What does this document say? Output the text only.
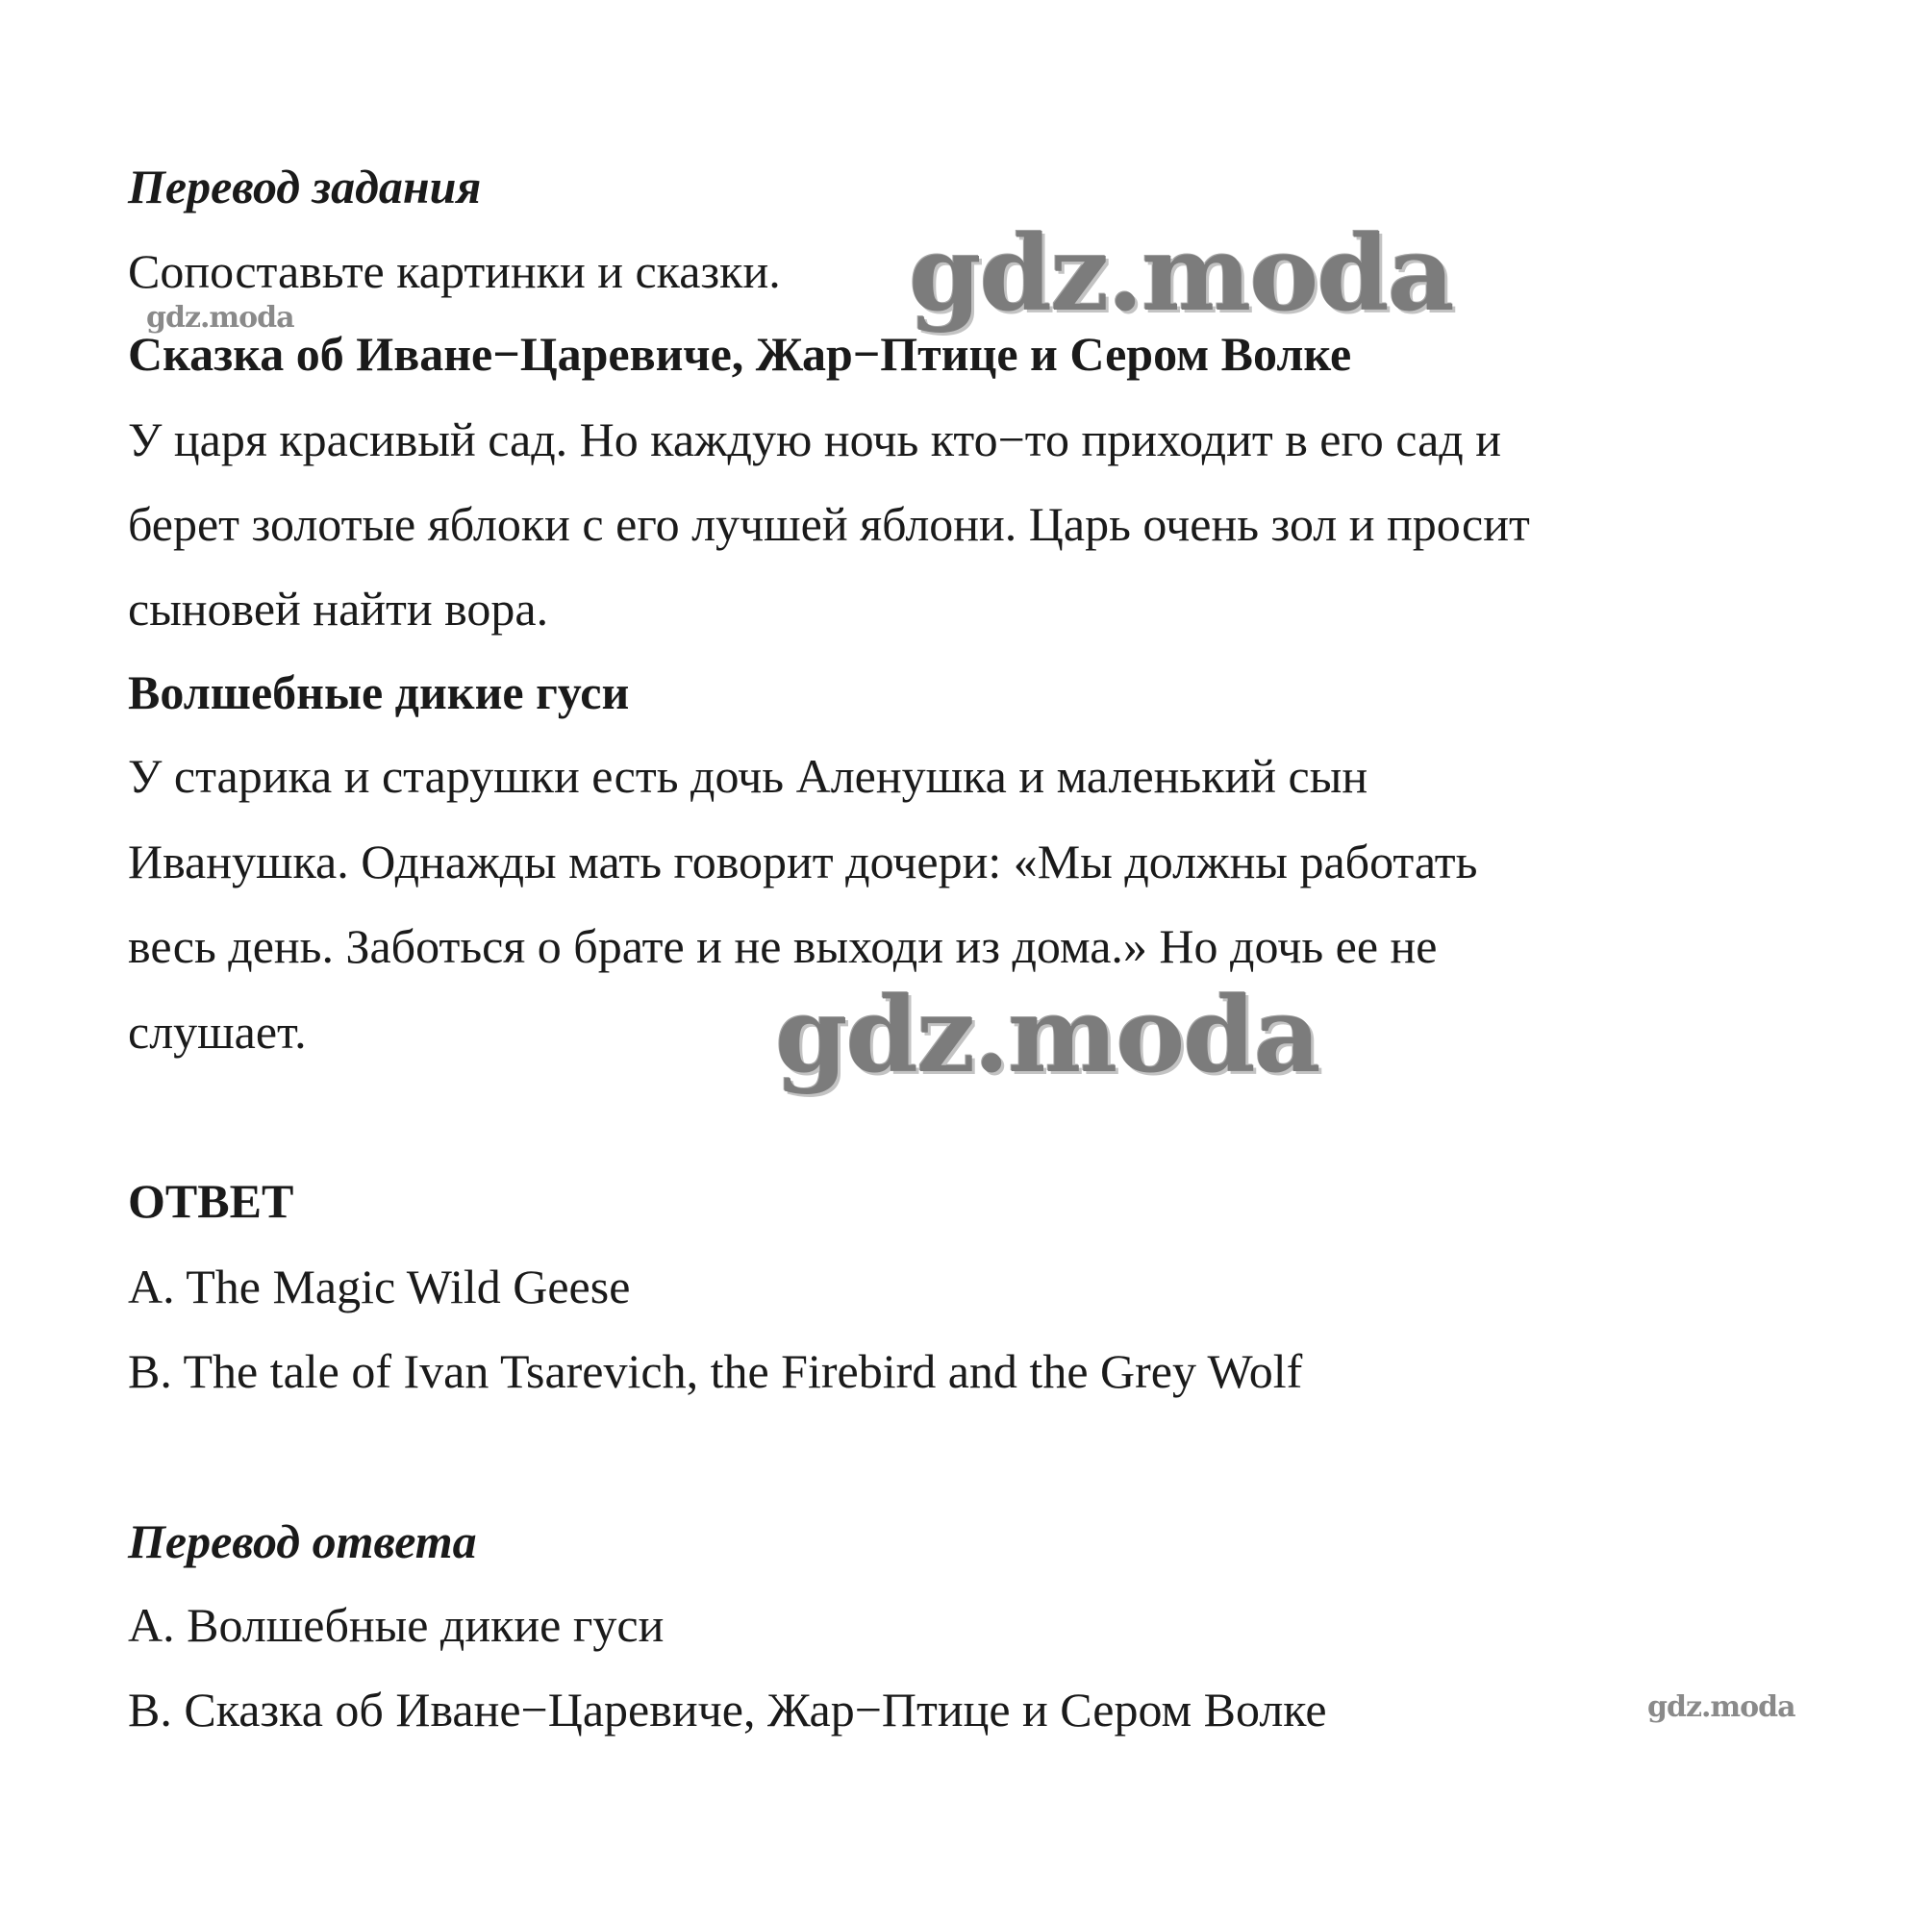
Перевод задания
Сопоставьте картинки и сказки.
Сказка об Иване−Царевиче, Жар−Птице и Сером Волке
У царя красивый сад. Но каждую ночь кто−то приходит в его сад и
берет золотые яблоки с его лучшей яблони. Царь очень зол и просит
сыновей найти вора.
Волшебные дикие гуси
У старика и старушки есть дочь Аленушка и маленький сын
Иванушка. Однажды мать говорит дочери: «Мы должны работать
весь день. Заботься о брате и не выходи из дома.» Но дочь ее не
слушает.
ОТВЕТ
A. The Magic Wild Geese
B. The tale of Ivan Tsarevich, the Firebird and the Grey Wolf
Перевод ответа
A. Волшебные дикие гуси
B. Сказка об Иване−Царевиче, Жар−Птице и Сером Волке
gdz.moda
gdz.moda
gdz.moda
gdz.moda
